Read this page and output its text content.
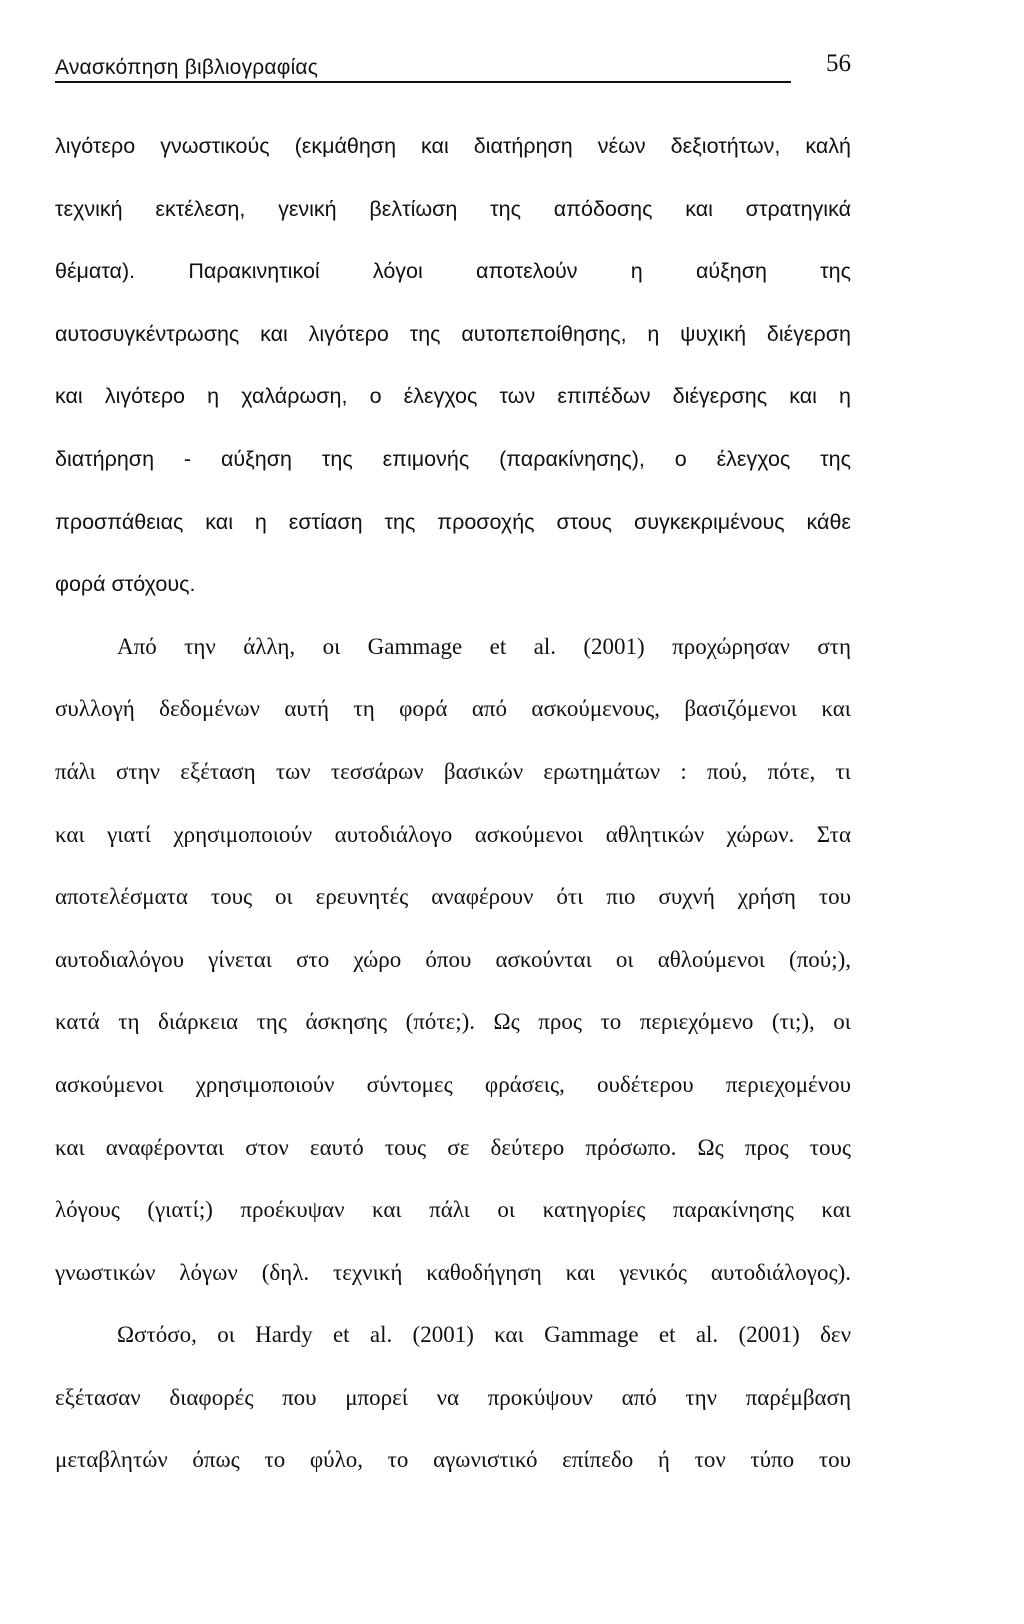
Ανασκόπηση βιβλιογραφίας	56
λιγότερο γνωστικούς (εκμάθηση και διατήρηση νέων δεξιοτήτων, καλή
τεχνική εκτέλεση, γενική βελτίωση της απόδοσης και στρατηγικά
θέματα). Παρακινητικοί λόγοι αποτελούν η αύξηση της
αυτοσυγκέντρωσης και λιγότερο της αυτοπεποίθησης, η ψυχική διέγερση
και λιγότερο η χαλάρωση, ο έλεγχος των επιπέδων διέγερσης και η
διατήρηση - αύξηση της επιμονής (παρακίνησης), ο έλεγχος της
προσπάθειας και η εστίαση της προσοχής στους συγκεκριμένους κάθε
φορά στόχους.
Από την άλλη, οι Gammage et al. (2001) προχώρησαν στη
συλλογή δεδομένων αυτή τη φορά από ασκούμενους, βασιζόμενοι και
πάλι στην εξέταση των τεσσάρων βασικών ερωτημάτων : πού, πότε, τι
και γιατί χρησιμοποιούν αυτοδιάλογο ασκούμενοι αθλητικών χώρων. Στα
αποτελέσματα τους οι ερευνητές αναφέρουν ότι πιο συχνή χρήση του
αυτοδιαλόγου γίνεται στο χώρο όπου ασκούνται οι αθλούμενοι (πού;),
κατά τη διάρκεια της άσκησης (πότε;). Ως προς το περιεχόμενο (τι;), οι
ασκούμενοι χρησιμοποιούν σύντομες φράσεις, ουδέτερου περιεχομένου
και αναφέρονται στον εαυτό τους σε δεύτερο πρόσωπο. Ως προς τους
λόγους (γιατί;) προέκυψαν και πάλι οι κατηγορίες παρακίνησης και
γνωστικών λόγων (δηλ. τεχνική καθοδήγηση και γενικός αυτοδιάλογος).
Ωστόσο, οι Hardy et al. (2001) και Gammage et al. (2001) δεν
εξέτασαν διαφορές που μπορεί να προκύψουν από την παρέμβαση
μεταβλητών όπως το φύλο, το αγωνιστικό επίπεδο ή τον τύπο του
